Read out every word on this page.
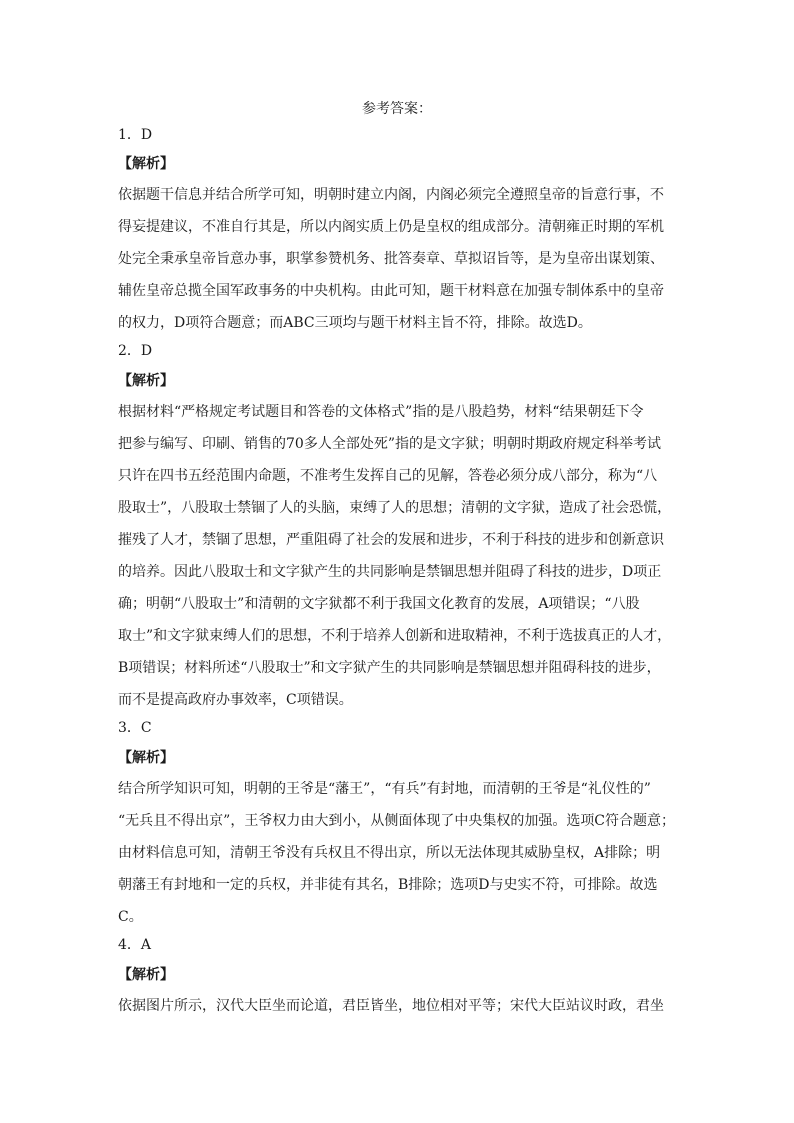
参考答案：
1．D
【解析】
依据题干信息并结合所学可知，明朝时建立内阁，内阁必须完全遵照皇帝的旨意行事，不
得妄提建议，不准自行其是，所以内阁实质上仍是皇权的组成部分。清朝雍正时期的军机
处完全秉承皇帝旨意办事，职掌参赞机务、批答奏章、草拟诏旨等，是为皇帝出谋划策、
辅佐皇帝总揽全国军政事务的中央机构。由此可知，题干材料意在加强专制体系中的皇帝
的权力，D项符合题意；而ABC三项均与题干材料主旨不符，排除。故选D。
2．D
【解析】
根据材料“严格规定考试题目和答卷的文体格式”指的是八股趋势，材料“结果朝廷下令
把参与编写、印刷、销售的70多人全部处死”指的是文字狱；明朝时期政府规定科举考试
只许在四书五经范围内命题，不准考生发挥自己的见解，答卷必须分成八部分，称为“八
股取士”，八股取士禁锢了人的头脑，束缚了人的思想；清朝的文字狱，造成了社会恐慌，
摧残了人才，禁锢了思想，严重阻碍了社会的发展和进步，不利于科技的进步和创新意识
的培养。因此八股取士和文字狱产生的共同影响是禁锢思想并阻碍了科技的进步，D项正
确；明朝“八股取士”和清朝的文字狱都不利于我国文化教育的发展，A项错误；“八股
取士”和文字狱束缚人们的思想，不利于培养人创新和进取精神，不利于选拔真正的人才，
B项错误；材料所述“八股取士”和文字狱产生的共同影响是禁锢思想并阻碍科技的进步，
而不是提高政府办事效率，C项错误。
3．C
【解析】
结合所学知识可知，明朝的王爷是“藩王”，“有兵”有封地，而清朝的王爷是“礼仪性的”
“无兵且不得出京”，王爷权力由大到小，从侧面体现了中央集权的加强。选项C符合题意；
由材料信息可知，清朝王爷没有兵权且不得出京，所以无法体现其威胁皇权，A排除；明
朝藩王有封地和一定的兵权，并非徒有其名，B排除；选项D与史实不符，可排除。故选
C。
4．A
【解析】
依据图片所示，汉代大臣坐而论道，君臣皆坐，地位相对平等；宋代大臣站议时政，君坐
